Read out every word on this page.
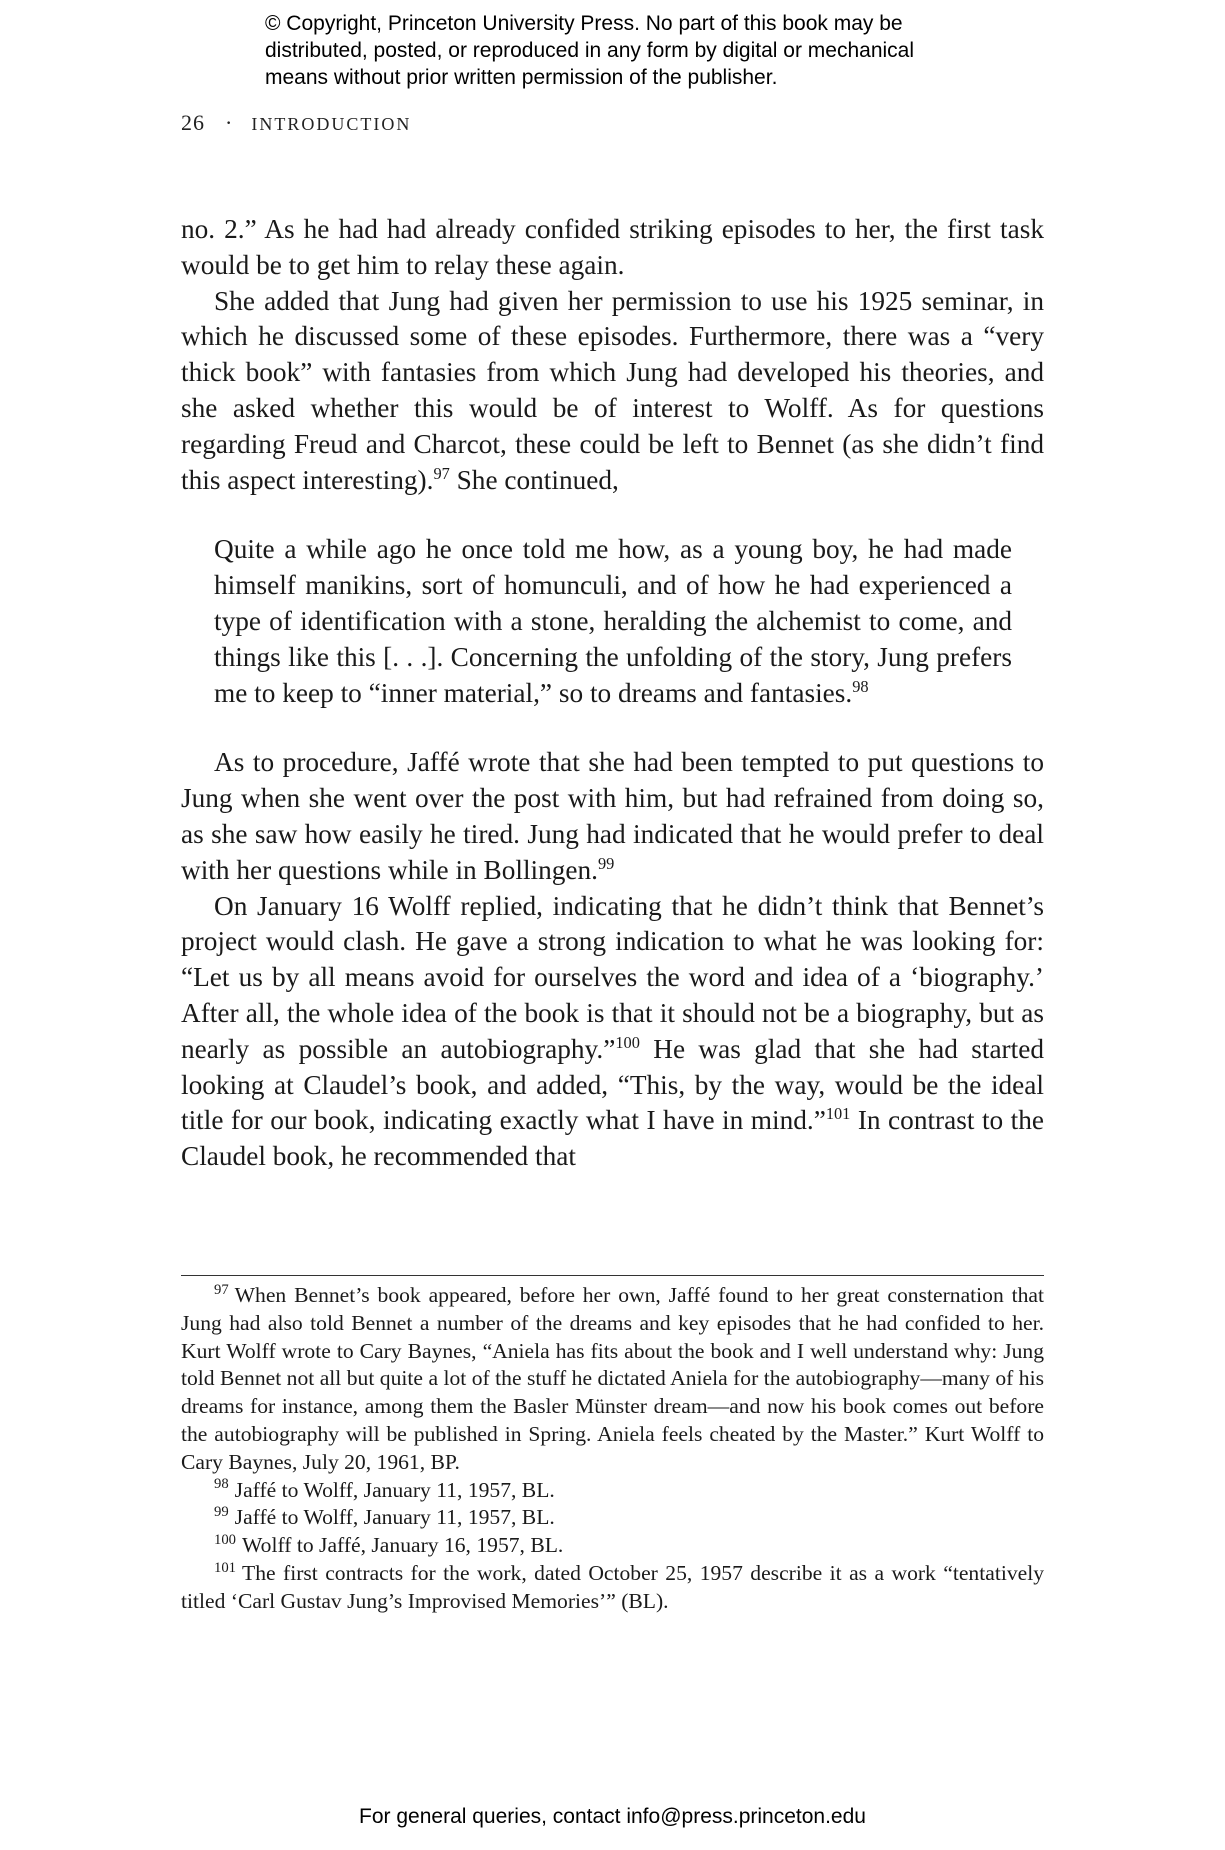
© Copyright, Princeton University Press. No part of this book may be
distributed, posted, or reproduced in any form by digital or mechanical
means without prior written permission of the publisher.
26 · INTRODUCTION

no. 2.” As he had had already confided striking episodes to her, the first task would be to get him to relay these again.

She added that Jung had given her permission to use his 1925 seminar, in which he discussed some of these episodes. Furthermore, there was a “very thick book” with fantasies from which Jung had developed his theories, and she asked whether this would be of interest to Wolff. As for questions regarding Freud and Charcot, these could be left to Bennet (as she didn’t find this aspect interesting).$^{97}$ She continued,

Quite a while ago he once told me how, as a young boy, he had made himself manikins, sort of homunculi, and of how he had experienced a type of identification with a stone, heralding the alchemist to come, and things like this [. . .]. Concerning the unfolding of the story, Jung prefers me to keep to “inner material,” so to dreams and fantasies.$^{98}$

As to procedure, Jaffé wrote that she had been tempted to put questions to Jung when she went over the post with him, but had refrained from doing so, as she saw how easily he tired. Jung had indicated that he would prefer to deal with her questions while in Bollingen.$^{99}$

On January 16 Wolff replied, indicating that he didn’t think that Bennet’s project would clash. He gave a strong indication to what he was looking for: “Let us by all means avoid for ourselves the word and idea of a ‘biography.’ After all, the whole idea of the book is that it should not be a biography, but as nearly as possible an autobiography.”$^{100}$ He was glad that she had started looking at Claudel’s book, and added, “This, by the way, would be the ideal title for our book, indicating exactly what I have in mind.”$^{101}$ In contrast to the Claudel book, he recommended that

$^{97}$ When Bennet’s book appeared, before her own, Jaffé found to her great consternation that Jung had also told Bennet a number of the dreams and key episodes that he had confided to her. Kurt Wolff wrote to Cary Baynes, “Aniela has fits about the book and I well understand why: Jung told Bennet not all but quite a lot of the stuff he dictated Aniela for the autobiography—many of his dreams for instance, among them the Basler Münster dream—and now his book comes out before the autobiography will be published in Spring. Aniela feels cheated by the Master.” Kurt Wolff to Cary Baynes, July 20, 1961, BP.

$^{98}$ Jaffé to Wolff, January 11, 1957, BL.

$^{99}$ Jaffé to Wolff, January 11, 1957, BL.

$^{100}$ Wolff to Jaffé, January 16, 1957, BL.

$^{101}$ The first contracts for the work, dated October 25, 1957 describe it as a work “tentatively titled ‘Carl Gustav Jung’s Improvised Memories’” (BL).

For general queries, contact info@press.princeton.edu
